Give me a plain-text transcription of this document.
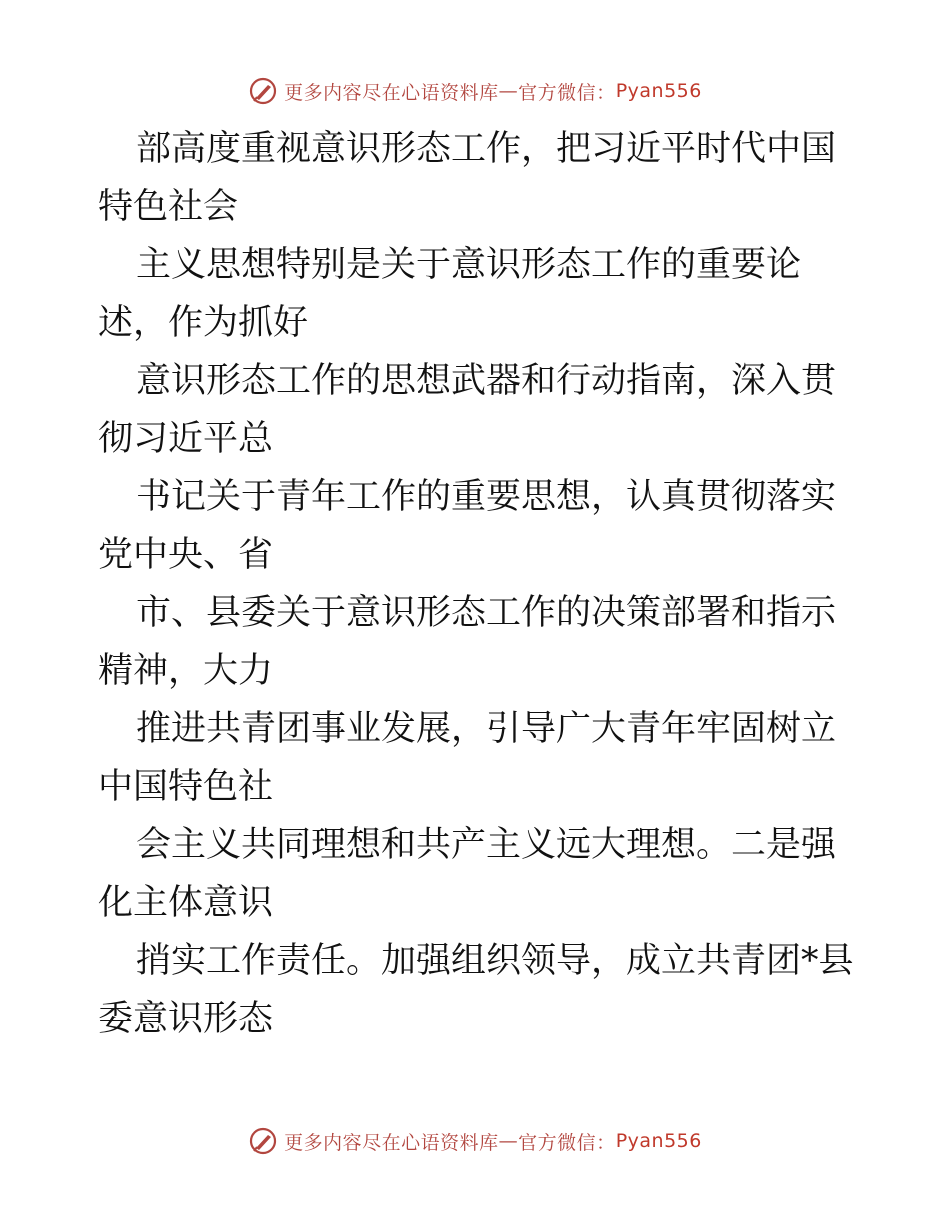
更多内容尽在心语资料库 — 官方微信： Pyan556

部高度重视意识形态工作，把习近平时代中国特色社会

主义思想特别是关于意识形态工作的重要论述，作为抓好

意识形态工作的思想武器和行动指南，深入贯彻习近平总

书记关于青年工作的重要思想，认真贯彻落实党中央、省

市、县委关于意识形态工作的决策部署和指示精神，大力

推进共青团事业发展，引导广大青年牢固树立中国特色社

会主义共同理想和共产主义远大理想。二是强化主体意识

捎实工作责任。加强组织领导，成立共青团*县委意识形态

更多内容尽在心语资料库 — 官方微信： Pyan556
